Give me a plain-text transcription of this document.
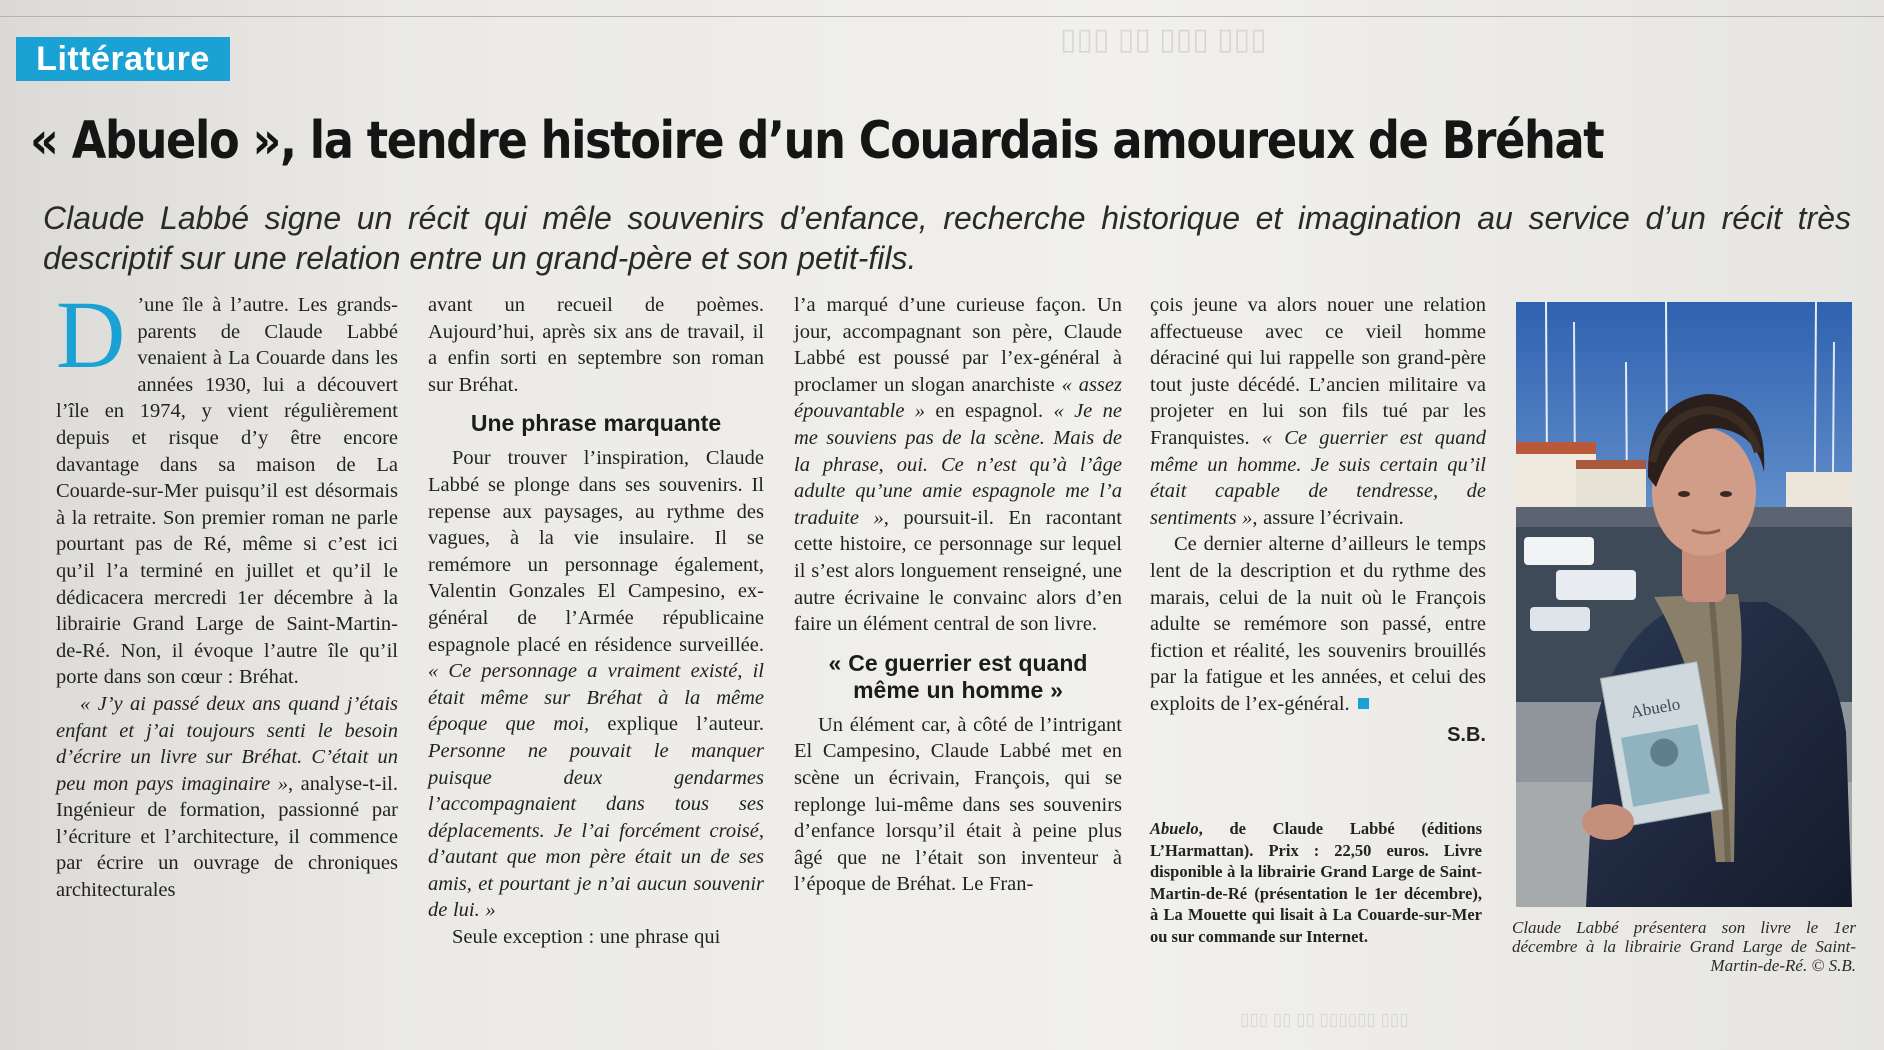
▯▯▯ ▯▯ ▯▯▯ ▯▯▯
▯▯▯ ▯▯ ▯▯ ▯▯▯▯▯▯ ▯▯▯
Littérature
« Abuelo », la tendre histoire d’un Couardais amoureux de Bréhat

Claude Labbé signe un récit qui mêle souvenirs d’enfance, recherche historique et imagination au service d’un récit très descriptif sur une relation entre un grand-père et son petit-fils.

D ’une île à l’autre. Les grands-parents de Claude Labbé venaient à La Couarde dans les années 1930, lui a découvert l’île en 1974, y vient régulièrement depuis et risque d’y être encore davantage dans sa maison de La Couarde-sur-Mer puisqu’il est désormais à la retraite. Son premier roman ne parle pourtant pas de Ré, même si c’est ici qu’il l’a terminé en juillet et qu’il le dédicacera mercredi 1er décembre à la librairie Grand Large de Saint-Martin-de-Ré. Non, il évoque l’autre île qu’il porte dans son cœur : Bréhat.

« J’y ai passé deux ans quand j’étais enfant et j’ai toujours senti le besoin d’écrire un livre sur Bréhat. C’était un peu mon pays imaginaire », analyse-t-il. Ingénieur de formation, passionné par l’écriture et l’architecture, il commence par écrire un ouvrage de chroniques architecturales

avant un recueil de poèmes. Aujourd’hui, après six ans de travail, il a enfin sorti en septembre son roman sur Bréhat.

Une phrase marquante

Pour trouver l’inspiration, Claude Labbé se plonge dans ses souvenirs. Il repense aux paysages, au rythme des vagues, à la vie insulaire. Il se remémore un personnage également, Valentin Gonzales El Campesino, ex-général de l’Armée républicaine espagnole placé en résidence surveillée. « Ce personnage a vraiment existé, il était même sur Bréhat à la même époque que moi, explique l’auteur. Personne ne pouvait le manquer puisque deux gendarmes l’accompagnaient dans tous ses déplacements. Je l’ai forcément croisé, d’autant que mon père était un de ses amis, et pourtant je n’ai aucun souvenir de lui. »

Seule exception : une phrase qui

l’a marqué d’une curieuse façon. Un jour, accompagnant son père, Claude Labbé est poussé par l’ex-général à proclamer un slogan anarchiste « assez épouvantable » en espagnol. « Je ne me souviens pas de la scène. Mais de la phrase, oui. Ce n’est qu’à l’âge adulte qu’une amie espagnole me l’a traduite », poursuit-il. En racontant cette histoire, ce personnage sur lequel il s’est alors longuement renseigné, une autre écrivaine le convainc alors d’en faire un élément central de son livre.

« Ce guerrier est quand même un homme »

Un élément car, à côté de l’intrigant El Campesino, Claude Labbé met en scène un écrivain, François, qui se replonge lui-même dans ses souvenirs d’enfance lorsqu’il était à peine plus âgé que ne l’était son inventeur à l’époque de Bréhat. Le Fran-

çois jeune va alors nouer une relation affectueuse avec ce vieil homme déraciné qui lui rappelle son grand-père tout juste décédé. L’ancien militaire va projeter en lui son fils tué par les Franquistes. « Ce guerrier est quand même un homme. Je suis certain qu’il était capable de tendresse, de sentiments », assure l’écrivain.

Ce dernier alterne d’ailleurs le temps lent de la description et du rythme des marais, celui de la nuit où le François adulte se remémore son passé, entre fiction et réalité, les souvenirs brouillés par la fatigue et les années, et celui des exploits de l’ex-général.

S.B.
Abuelo, de Claude Labbé (éditions L’Harmattan). Prix : 22,50 euros. Livre disponible à la librairie Grand Large de Saint-Martin-de-Ré (présentation le 1er décembre), à La Mouette qui lisait à La Couarde-sur-Mer ou sur commande sur Internet.
Abuelo

Claude Labbé présentera son livre le 1er décembre à la librairie Grand Large de Saint-Martin-de-Ré. © S.B.
